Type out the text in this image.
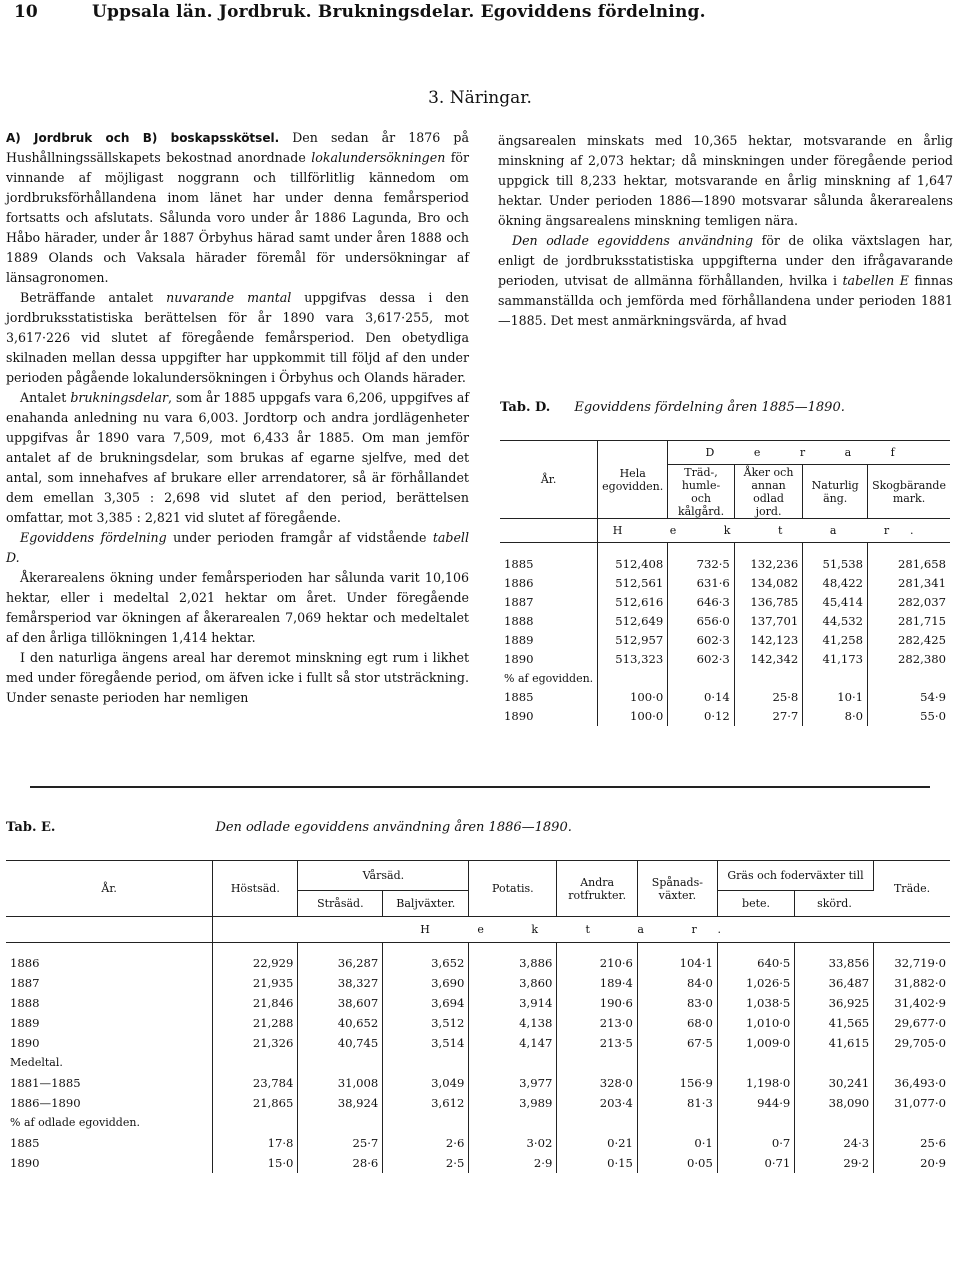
10	Uppsala län. Jordbruk. Brukningsdelar. Egoviddens fördelning.
3. Näringar.

A) Jordbruk och B) boskapsskötsel. Den sedan år 1876 på Hushållningssällskapets bekostnad anordnade lokalundersökningen för vinnande af möjligast noggrann och tillförlitlig kännedom om jordbruksförhållandena inom länet har under denna femårsperiod fortsatts och afslutats. Sålunda voro under år 1886 Lagunda, Bro och Håbo härader, under år 1887 Örbyhus härad samt under åren 1888 och 1889 Olands och Vaksala härader föremål för undersökningar af länsagronomen.

Beträffande antalet nuvarande mantal uppgifvas dessa i den jordbruksstatistiska berättelsen för år 1890 vara 3,617·255, mot 3,617·226 vid slutet af föregående femårsperiod. Den obetydliga skilnaden mellan dessa uppgifter har uppkommit till följd af den under perioden pågående lokalundersökningen i Örbyhus och Olands härader.

Antalet brukningsdelar, som år 1885 uppgafs vara 6,206, uppgifves af enahanda anledning nu vara 6,003. Jordtorp och andra jordlägenheter uppgifvas år 1890 vara 7,509, mot 6,433 år 1885. Om man jemför antalet af de brukningsdelar, som brukas af egarne sjelfve, med det antal, som innehafves af brukare eller arrendatorer, så är förhållandet dem emellan 3,305 : 2,698 vid slutet af den period, berättelsen omfattar, mot 3,385 : 2,821 vid slutet af föregående.

Egoviddens fördelning under perioden framgår af vidstående tabell D.

Åkerarealens ökning under femårsperioden har sålunda varit 10,106 hektar, eller i medeltal 2,021 hektar om året. Under föregående femårsperiod var ökningen af åkerarealen 7,069 hektar och medeltalet af den årliga tillökningen 1,414 hektar.

I den naturliga ängens areal har deremot minskning egt rum i likhet med under föregående period, om äfven icke i fullt så stor utsträckning. Under senaste perioden har nemligen

ängsarealen minskats med 10,365 hektar, motsvarande en årlig minskning af 2,073 hektar; då minskningen under föregående period uppgick till 8,233 hektar, motsvarande en årlig minskning af 1,647 hektar. Under perioden 1886—1890 motsvarar sålunda åkerarealens ökning ängsarealens minskning temligen nära.

Den odlade egoviddens användning för de olika växtslagen har, enligt de jordbruksstatistiska uppgifterna under den ifrågavarande perioden, utvisat de allmänna förhållanden, hvilka i tabellen E finnas sammanställda och jemförda med förhållandena under perioden 1881—1885. Det mest anmärkningsvärda, af hvad

Tab. D. Egoviddens fördelning åren 1885—1890.
År.	Hela egovidden.	D e r a f			
		Träd-, humle- och kålgård.	Åker och annan odlad jord.	Naturlig äng.	Skogbärande mark.
	H e k t a r.				

1885	512,408	732·5	132,236	51,538	281,658
1886	512,561	631·6	134,082	48,422	281,341
1887	512,616	646·3	136,785	45,414	282,037
1888	512,649	656·0	137,701	44,532	281,715
1889	512,957	602·3	142,123	41,258	282,425
1890	513,323	602·3	142,342	41,173	282,380
% af egovidden.					
1885	100·0	0·14	25·8	10·1	54·9
1890	100·0	0·12	27·7	8·0	55·0
Tab. E.	Den odlade egoviddens användning åren 1886—1890.
År.	Höstsäd.	Vårsäd.		Potatis.	Andra rotfrukter.	Spånads-växter.	Gräs och foderväxter till		Träde.
		Stråsäd.	Baljväxter.				bete.	skörd.	
	H e k t a r.								

1886	22,929	36,287	3,652	3,886	210·6	104·1	640·5	33,856	32,719·0
1887	21,935	38,327	3,690	3,860	189·4	84·0	1,026·5	36,487	31,882·0
1888	21,846	38,607	3,694	3,914	190·6	83·0	1,038·5	36,925	31,402·9
1889	21,288	40,652	3,512	4,138	213·0	68·0	1,010·0	41,565	29,677·0
1890	21,326	40,745	3,514	4,147	213·5	67·5	1,009·0	41,615	29,705·0
Medeltal.									
1881—1885	23,784	31,008	3,049	3,977	328·0	156·9	1,198·0	30,241	36,493·0
1886—1890	21,865	38,924	3,612	3,989	203·4	81·3	944·9	38,090	31,077·0
% af odlade egovidden.									
1885	17·8	25·7	2·6	3·02	0·21	0·1	0·7	24·3	25·6
1890	15·0	28·6	2·5	2·9	0·15	0·05	0·71	29·2	20·9
